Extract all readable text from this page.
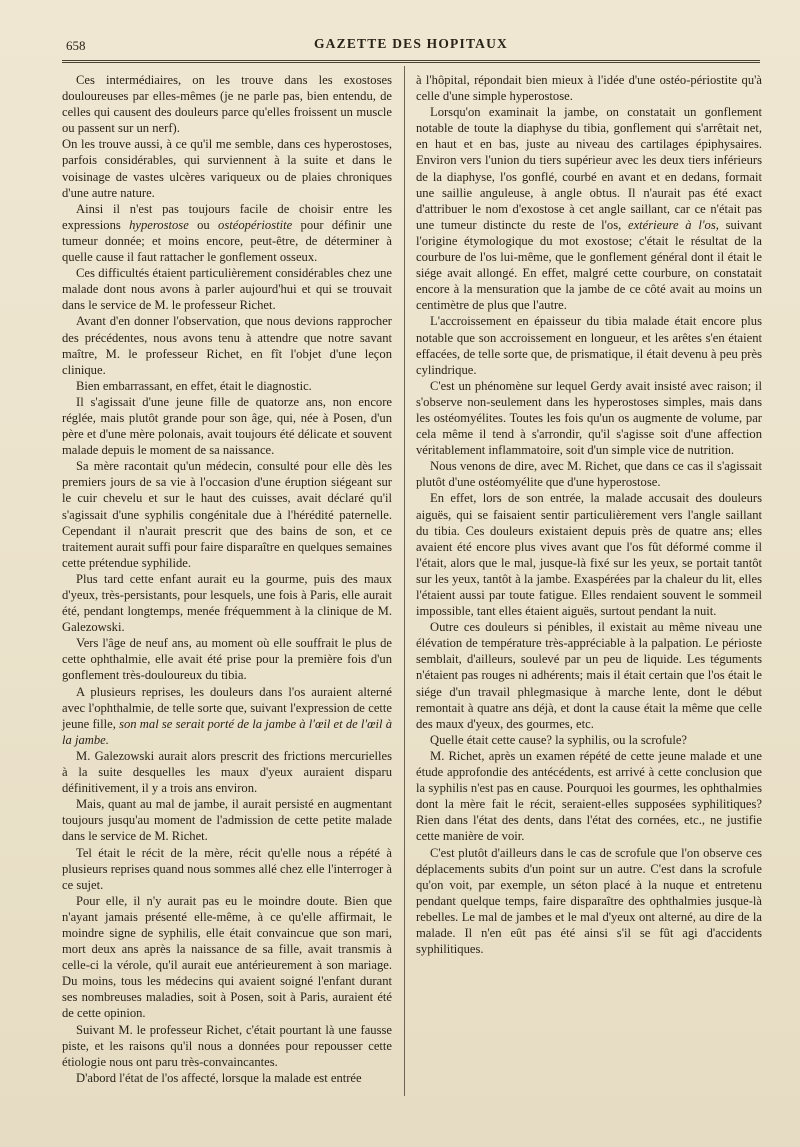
658	GAZETTE DES HOPITAUX

Ces intermédiaires, on les trouve dans les exostoses douloureuses par elles-mêmes (je ne parle pas, bien entendu, de celles qui causent des douleurs parce qu'elles froissent un muscle ou passent sur un nerf).

On les trouve aussi, à ce qu'il me semble, dans ces hyperostoses, parfois considérables, qui surviennent à la suite et dans le voisinage de vastes ulcères variqueux ou de plaies chroniques d'une autre nature.

Ainsi il n'est pas toujours facile de choisir entre les expressions hyperostose ou ostéopériostite pour définir une tumeur donnée; et moins encore, peut-être, de déterminer à quelle cause il faut rattacher le gonflement osseux.

Ces difficultés étaient particulièrement considérables chez une malade dont nous avons à parler aujourd'hui et qui se trouvait dans le service de M. le professeur Richet.

Avant d'en donner l'observation, que nous devions rapprocher des précédentes, nous avons tenu à attendre que notre savant maître, M. le professeur Richet, en fît l'objet d'une leçon clinique.

Bien embarrassant, en effet, était le diagnostic.

Il s'agissait d'une jeune fille de quatorze ans, non encore réglée, mais plutôt grande pour son âge, qui, née à Posen, d'un père et d'une mère polonais, avait toujours été délicate et souvent malade depuis le moment de sa naissance.

Sa mère racontait qu'un médecin, consulté pour elle dès les premiers jours de sa vie à l'occasion d'une éruption siégeant sur le cuir chevelu et sur le haut des cuisses, avait déclaré qu'il s'agissait d'une syphilis congénitale due à l'hérédité paternelle. Cependant il n'aurait prescrit que des bains de son, et ce traitement aurait suffi pour faire disparaître en quelques semaines cette prétendue syphilide.

Plus tard cette enfant aurait eu la gourme, puis des maux d'yeux, très-persistants, pour lesquels, une fois à Paris, elle aurait été, pendant longtemps, menée fréquemment à la clinique de M. Galezowski.

Vers l'âge de neuf ans, au moment où elle souffrait le plus de cette ophthalmie, elle avait été prise pour la première fois d'un gonflement très-douloureux du tibia.

A plusieurs reprises, les douleurs dans l'os auraient alterné avec l'ophthalmie, de telle sorte que, suivant l'expression de cette jeune fille, son mal se serait porté de la jambe à l'œil et de l'œil à la jambe.

M. Galezowski aurait alors prescrit des frictions mercurielles à la suite desquelles les maux d'yeux auraient disparu définitivement, il y a trois ans environ.

Mais, quant au mal de jambe, il aurait persisté en augmentant toujours jusqu'au moment de l'admission de cette petite malade dans le service de M. Richet.

Tel était le récit de la mère, récit qu'elle nous a répété à plusieurs reprises quand nous sommes allé chez elle l'interroger à ce sujet.

Pour elle, il n'y aurait pas eu le moindre doute. Bien que n'ayant jamais présenté elle-même, à ce qu'elle affirmait, le moindre signe de syphilis, elle était convaincue que son mari, mort deux ans après la naissance de sa fille, avait transmis à celle-ci la vérole, qu'il aurait eue antérieurement à son mariage. Du moins, tous les médecins qui avaient soigné l'enfant durant ses nombreuses maladies, soit à Posen, soit à Paris, auraient été de cette opinion.

Suivant M. le professeur Richet, c'était pourtant là une fausse piste, et les raisons qu'il nous a données pour repousser cette étiologie nous ont paru très-convaincantes.

D'abord l'état de l'os affecté, lorsque la malade est entrée

à l'hôpital, répondait bien mieux à l'idée d'une ostéo-périostite qu'à celle d'une simple hyperostose.

Lorsqu'on examinait la jambe, on constatait un gonflement notable de toute la diaphyse du tibia, gonflement qui s'arrêtait net, en haut et en bas, juste au niveau des cartilages épiphysaires. Environ vers l'union du tiers supérieur avec les deux tiers inférieurs de la diaphyse, l'os gonflé, courbé en avant et en dedans, formait une saillie anguleuse, à angle obtus. Il n'aurait pas été exact d'attribuer le nom d'exostose à cet angle saillant, car ce n'était pas une tumeur distincte du reste de l'os, extérieure à l'os, suivant l'origine étymologique du mot exostose; c'était le résultat de la courbure de l'os lui-même, que le gonflement général dont il était le siége avait allongé. En effet, malgré cette courbure, on constatait encore à la mensuration que la jambe de ce côté avait au moins un centimètre de plus que l'autre.

L'accroissement en épaisseur du tibia malade était encore plus notable que son accroissement en longueur, et les arêtes s'en étaient effacées, de telle sorte que, de prismatique, il était devenu à peu près cylindrique.

C'est un phénomène sur lequel Gerdy avait insisté avec raison; il s'observe non-seulement dans les hyperostoses simples, mais dans les ostéomyélites. Toutes les fois qu'un os augmente de volume, par cela même il tend à s'arrondir, qu'il s'agisse soit d'une affection véritablement inflammatoire, soit d'un simple vice de nutrition.

Nous venons de dire, avec M. Richet, que dans ce cas il s'agissait plutôt d'une ostéomyélite que d'une hyperostose.

En effet, lors de son entrée, la malade accusait des douleurs aiguës, qui se faisaient sentir particulièrement vers l'angle saillant du tibia. Ces douleurs existaient depuis près de quatre ans; elles avaient été encore plus vives avant que l'os fût déformé comme il l'était, alors que le mal, jusque-là fixé sur les yeux, se portait tantôt sur les yeux, tantôt à la jambe. Exaspérées par la chaleur du lit, elles l'étaient aussi par toute fatigue. Elles rendaient souvent le sommeil impossible, tant elles étaient aiguës, surtout pendant la nuit.

Outre ces douleurs si pénibles, il existait au même niveau une élévation de température très-appréciable à la palpation. Le périoste semblait, d'ailleurs, soulevé par un peu de liquide. Les téguments n'étaient pas rouges ni adhérents; mais il était certain que l'os était le siége d'un travail phlegmasique à marche lente, dont le début remontait à quatre ans déjà, et dont la cause était la même que celle des maux d'yeux, des gourmes, etc.

Quelle était cette cause? la syphilis, ou la scrofule?

M. Richet, après un examen répété de cette jeune malade et une étude approfondie des antécédents, est arrivé à cette conclusion que la syphilis n'est pas en cause. Pourquoi les gourmes, les ophthalmies dont la mère fait le récit, seraient-elles supposées syphilitiques? Rien dans l'état des dents, dans l'état des cornées, etc., ne justifie cette manière de voir.

C'est plutôt d'ailleurs dans le cas de scrofule que l'on observe ces déplacements subits d'un point sur un autre. C'est dans la scrofule qu'on voit, par exemple, un séton placé à la nuque et entretenu pendant quelque temps, faire disparaître des ophthalmies jusque-là rebelles. Le mal de jambes et le mal d'yeux ont alterné, au dire de la malade. Il n'en eût pas été ainsi s'il se fût agi d'accidents syphilitiques.
